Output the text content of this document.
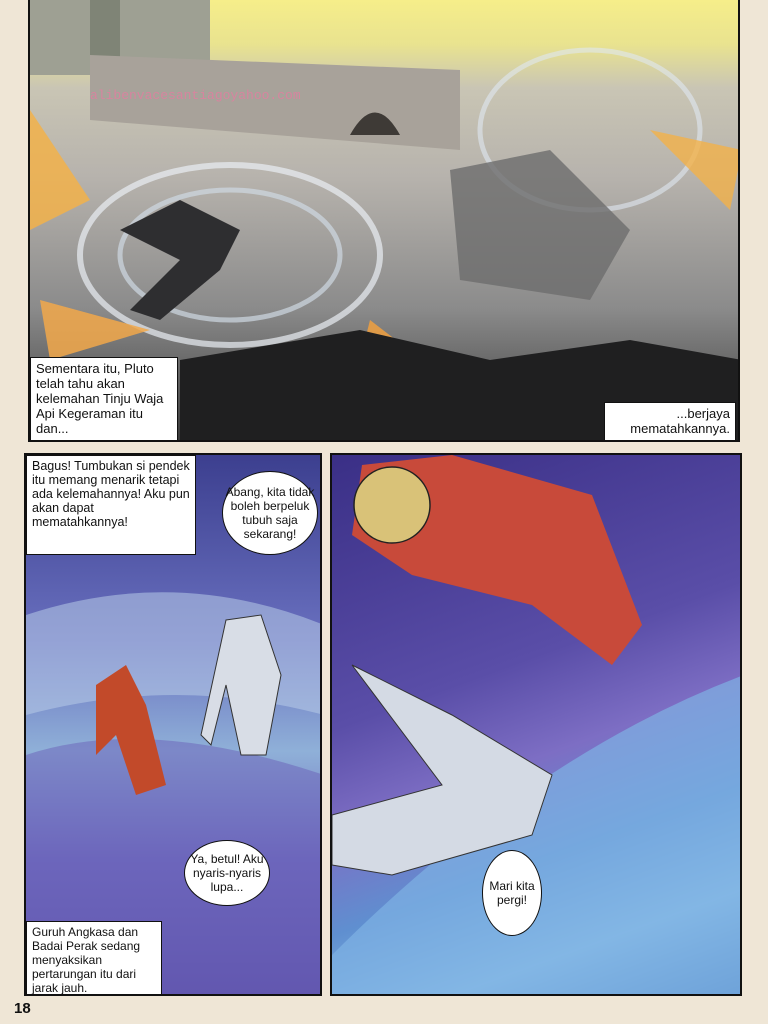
alibenvacesantiagoyahoo.com
Sementara itu, Pluto telah tahu akan kelemahan Tinju Waja Api Kegeraman itu dan...
...berjaya mematahkannya.
Bagus! Tumbukan si pendek itu memang menarik tetapi ada kelemahannya! Aku pun akan dapat mematahkannya!
Abang, kita tidak boleh berpeluk tubuh saja sekarang!
Ya, betul! Aku nyaris-nyaris lupa...
Guruh Angkasa dan Badai Perak sedang menyaksikan pertarungan itu dari jarak jauh.
Mari kita pergi!
18
